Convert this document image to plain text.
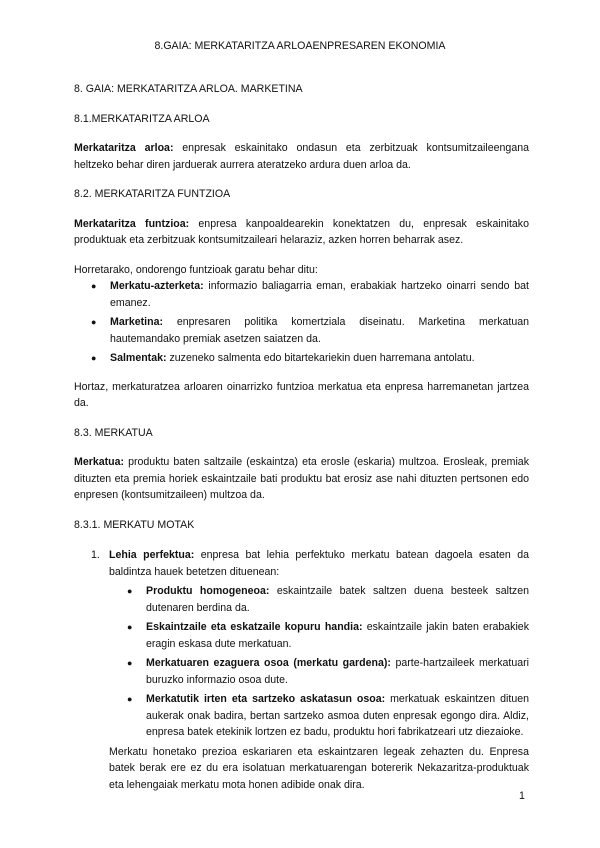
8.GAIA: MERKATARITZA ARLOAENPRESAREN EKONOMIA

8. GAIA: MERKATARITZA ARLOA. MARKETINA

8.1.MERKATARITZA ARLOA

Merkataritza arloa: enpresak eskainitako ondasun eta zerbitzuak kontsumitzaileengana heltzeko behar diren jarduerak aurrera ateratzeko ardura duen arloa da.

8.2. MERKATARITZA FUNTZIOA

Merkataritza funtzioa: enpresa kanpoaldearekin konektatzen du, enpresak eskainitako produktuak eta zerbitzuak kontsumitzaileari helaraziz, azken horren beharrak asez.

Horretarako, ondorengo funtzioak garatu behar ditu:

● Merkatu-azterketa: informazio baliagarria eman, erabakiak hartzeko oinarri sendo bat emanez.
● Marketina: enpresaren politika komertziala diseinatu. Marketina merkatuan hautemandako premiak asetzen saiatzen da.
● Salmentak: zuzeneko salmenta edo bitartekariekin duen harremana antolatu.

Hortaz, merkaturatzea arloaren oinarrizko funtzioa merkatua eta enpresa harremanetan jartzea da.

8.3. MERKATUA

Merkatua: produktu baten saltzaile (eskaintza) eta erosle (eskaria) multzoa. Erosleak, premiak dituzten eta premia horiek eskaintzaile bati produktu bat erosiz ase nahi dituzten pertsonen edo enpresen (kontsumitzaileen) multzoa da.

8.3.1. MERKATU MOTAK

1. Lehia perfektua: enpresa bat lehia perfektuko merkatu batean dagoela esaten da baldintza hauek betetzen dituenean:
● Produktu homogeneoa: eskaintzaile batek saltzen duena besteek saltzen dutenaren berdina da.
● Eskaintzaile eta eskatzaile kopuru handia: eskaintzaile jakin baten erabakiek eragin eskasa dute merkatuan.
● Merkatuaren ezaguera osoa (merkatu gardena): parte-hartzaileek merkatuari buruzko informazio osoa dute.
● Merkatutik irten eta sartzeko askatasun osoa: merkatuak eskaintzen dituen aukerak onak badira, bertan sartzeko asmoa duten enpresak egongo dira. Aldiz, enpresa batek etekinik lortzen ez badu, produktu hori fabrikatzeari utz diezaioke.

Merkatu honetako prezioa eskariaren eta eskaintzaren legeak zehazten du. Enpresa batek berak ere ez du era isolatuan merkatuarengan botererik Nekazaritza-produktuak eta lehengaiak merkatu mota honen adibide onak dira.

1
